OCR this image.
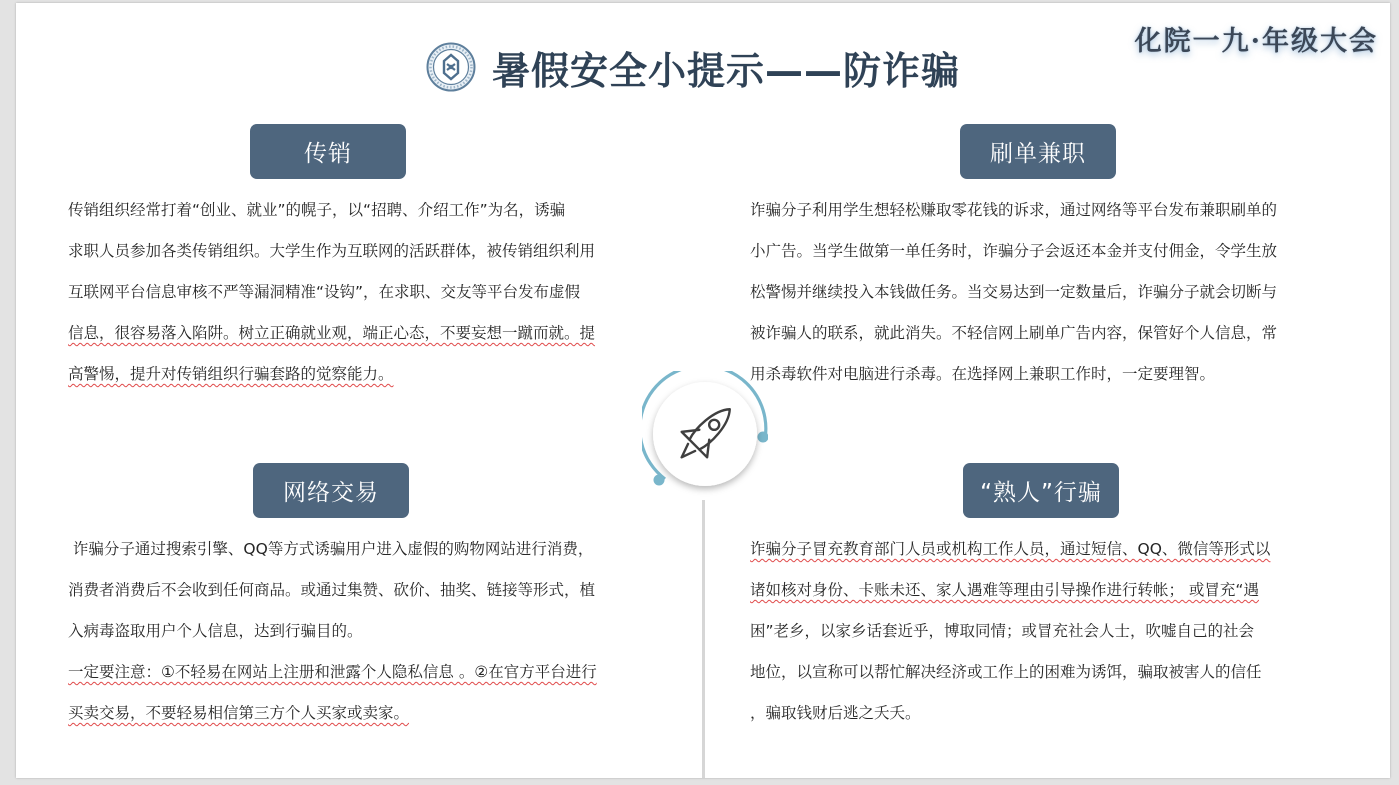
暑假安全小提示——防诈骗
化院一九·年级大会
传销	刷单兼职
网络交易	“熟人”行骗

传销组织经常打着“创业、就业”的幌子，以“招聘、介绍工作”为名，诱骗

求职人员参加各类传销组织。大学生作为互联网的活跃群体，被传销组织利用

互联网平台信息审核不严等漏洞精准“设钩”，在求职、交友等平台发布虚假

信息，很容易落入陷阱。树立正确就业观，端正心态，不要妄想一蹴而就。提

高警惕，提升对传销组织行骗套路的觉察能力。

诈骗分子利用学生想轻松赚取零花钱的诉求，通过网络等平台发布兼职刷单的

小广告。当学生做第一单任务时，诈骗分子会返还本金并支付佣金，令学生放

松警惕并继续投入本钱做任务。当交易达到一定数量后，诈骗分子就会切断与

被诈骗人的联系，就此消失。不轻信网上刷单广告内容，保管好个人信息，常

用杀毒软件对电脑进行杀毒。在选择网上兼职工作时，一定要理智。

诈骗分子通过搜索引擎、QQ等方式诱骗用户进入虚假的购物网站进行消费，

消费者消费后不会收到任何商品。或通过集赞、砍价、抽奖、链接等形式，植

入病毒盗取用户个人信息，达到行骗目的。

一定要注意：①不轻易在网站上注册和泄露个人隐私信息 。②在官方平台进行

买卖交易，不要轻易相信第三方个人买家或卖家。

诈骗分子冒充教育部门人员或机构工作人员，通过短信、QQ、微信等形式以

诸如核对身份、卡账未还、家人遇难等理由引导操作进行转帐； 或冒充“遇

困”老乡，以家乡话套近乎，博取同情；或冒充社会人士，吹嘘自己的社会

地位，以宣称可以帮忙解决经济或工作上的困难为诱饵，骗取被害人的信任

，骗取钱财后逃之夭夭。
